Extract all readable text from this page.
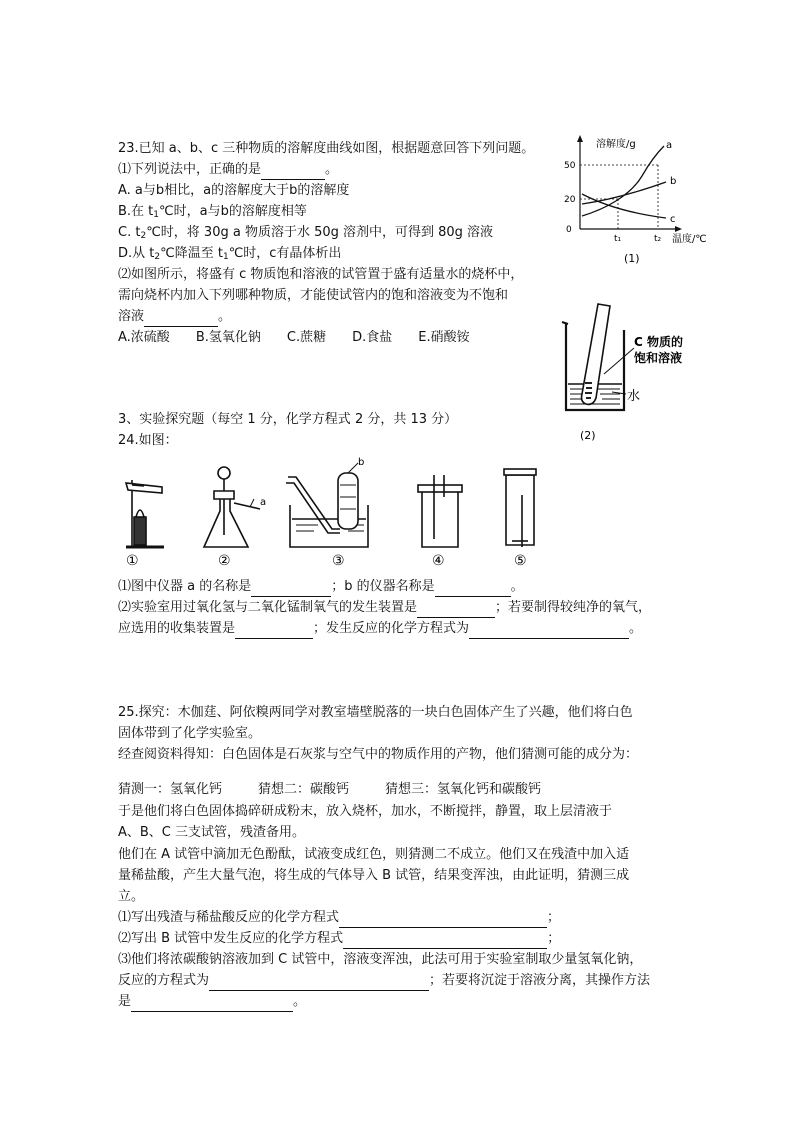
23.已知 a、b、c 三种物质的溶解度曲线如图，根据题意回答下列问题。
⑴下列说法中，正确的是	。
A. a与b相比，a的溶解度大于b的溶解度
B.在 $t_1℃$时，a与b的溶解度相等
C. $t_2℃$时，将 30g a 物质溶于水 50g 溶剂中，可得到 80g 溶液
D.从 $t_2℃$降温至 $t_1℃$时，c有晶体析出
⑵如图所示，将盛有 c 物质饱和溶液的试管置于盛有适量水的烧杯中，
需向烧杯内加入下列哪种物质，才能使试管内的饱和溶液变为不饱和
溶液	。
A.浓硫酸 B.氢氧化钠 C.蔗糖 D.食盐 E.硝酸铵
溶解度/g
50
20
0
a
b
c
t₁	t₂ 温度/℃
(1)
C 物质的
饱和溶液
水
(2)
3、实验探究题（每空 1 分，化学方程式 2 分，共 13 分）
24.如图：
a
b
①	②	③	④	⑤
⑴图中仪器 a 的名称是	；b 的仪器名称是	。
⑵实验室用过氧化氢与二氧化锰制氧气的发生装置是	；若要制得较纯净的氧气，
应选用的收集装置是	；发生反应的化学方程式为	。
25.探究：木伽莛、阿依糗两同学对教室墙壁脱落的一块白色固体产生了兴趣，他们将白色
固体带到了化学实验室。
经查阅资料得知：白色固体是石灰浆与空气中的物质作用的产物，他们猜测可能的成分为：
猜测一：氢氧化钙	猜想二：碳酸钙	猜想三：氢氧化钙和碳酸钙
于是他们将白色固体捣碎研成粉末，放入烧杯，加水，不断搅拌，静置，取上层清液于
A、B、C 三支试管，残渣备用。
他们在 A 试管中滴加无色酚酞，试液变成红色，则猜测二不成立。他们又在残渣中加入适
量稀盐酸，产生大量气泡，将生成的气体导入 B 试管，结果变浑浊，由此证明，猜测三成
立。
⑴写出残渣与稀盐酸反应的化学方程式	；
⑵写出 B 试管中发生反应的化学方程式	；
⑶他们将浓碳酸钠溶液加到 C 试管中，溶液变浑浊，此法可用于实验室制取少量氢氧化钠，
反应的方程式为	；若要将沉淀于溶液分离，其操作方法
是	。
